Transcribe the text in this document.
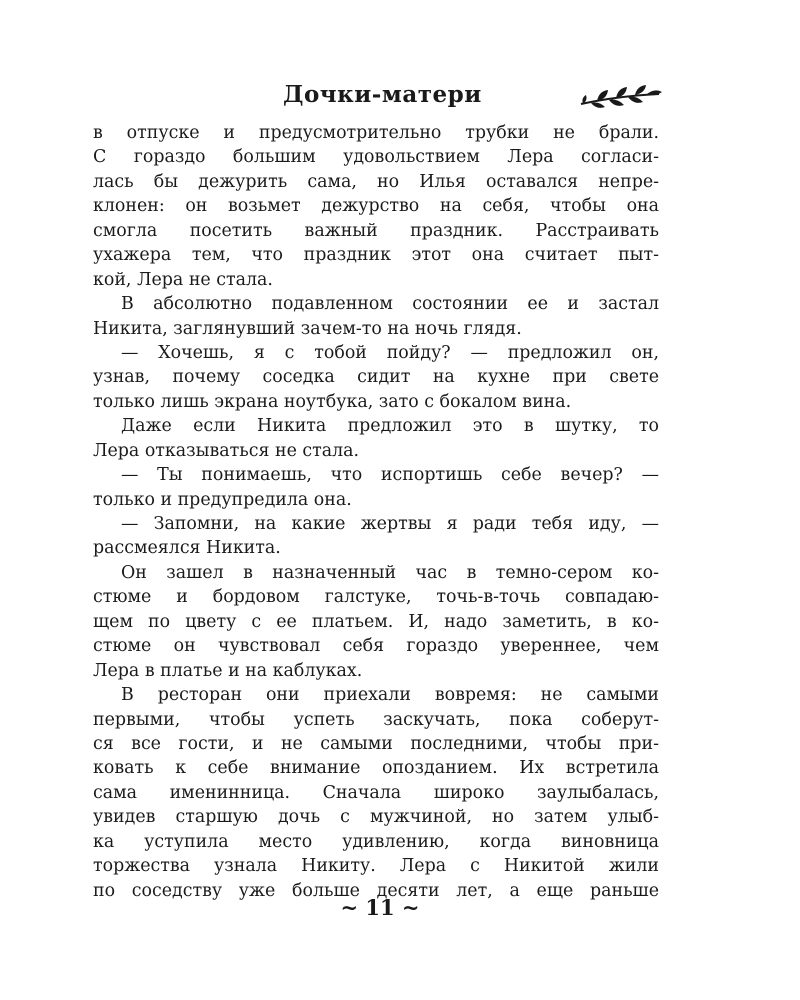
Дочки-матери
в отпуске и предусмотрительно трубки не брали.
С гораздо большим удовольствием Лера согласи-
лась бы дежурить сама, но Илья оставался непре-
клонен: он возьмет дежурство на себя, чтобы она
смогла посетить важный праздник. Расстраивать
ухажера тем, что праздник этот она считает пыт-
кой, Лера не стала.
В абсолютно подавленном состоянии ее и застал
Никита, заглянувший зачем-то на ночь глядя.
— Хочешь, я с тобой пойду? — предложил он,
узнав, почему соседка сидит на кухне при свете
только лишь экрана ноутбука, зато с бокалом вина.
Даже если Никита предложил это в шутку, то
Лера отказываться не стала.
— Ты понимаешь, что испортишь себе вечер? —
только и предупредила она.
— Запомни, на какие жертвы я ради тебя иду, —
рассмеялся Никита.
Он зашел в назначенный час в темно-сером ко-
стюме и бордовом галстуке, точь-в-точь совпадаю-
щем по цвету с ее платьем. И, надо заметить, в ко-
стюме он чувствовал себя гораздо увереннее, чем
Лера в платье и на каблуках.
В ресторан они приехали вовремя: не самыми
первыми, чтобы успеть заскучать, пока соберут-
ся все гости, и не самыми последними, чтобы при-
ковать к себе внимание опозданием. Их встретила
сама именинница. Сначала широко заулыбалась,
увидев старшую дочь с мужчиной, но затем улыб-
ка уступила место удивлению, когда виновница
торжества узнала Никиту. Лера с Никитой жили
по соседству уже больше десяти лет, а еще раньше
~ 11 ~
